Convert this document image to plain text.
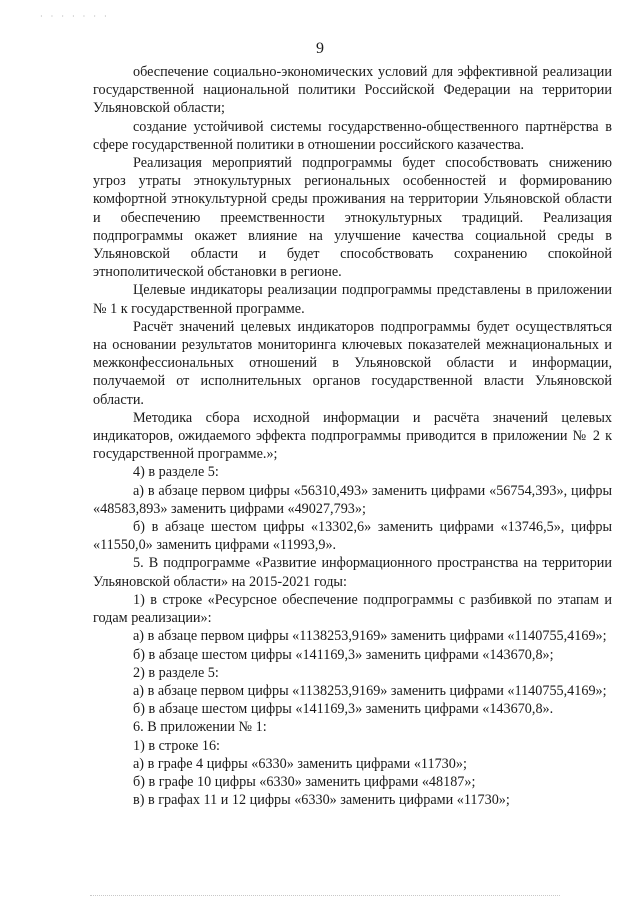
· · · · · · ·
9

обеспечение социально-экономических условий для эффективной реализации государственной национальной политики Российской Федерации на территории Ульяновской области;

создание устойчивой системы государственно-общественного партнёрства в сфере государственной политики в отношении российского казачества.

Реализация мероприятий подпрограммы будет способствовать снижению угроз утраты этнокультурных региональных особенностей и формированию комфортной этнокультурной среды проживания на территории Ульяновской области и обеспечению преемственности этнокультурных традиций. Реализация подпрограммы окажет влияние на улучшение качества социальной среды в Ульяновской области и будет способствовать сохранению спокойной этнополитической обстановки в регионе.

Целевые индикаторы реализации подпрограммы представлены в приложении № 1 к государственной программе.

Расчёт значений целевых индикаторов подпрограммы будет осуществляться на основании результатов мониторинга ключевых показателей межнациональных и межконфессиональных отношений в Ульяновской области и информации, получаемой от исполнительных органов государственной власти Ульяновской области.

Методика сбора исходной информации и расчёта значений целевых индикаторов, ожидаемого эффекта подпрограммы приводится в приложении № 2 к государственной программе.»;

4) в разделе 5:

а) в абзаце первом цифры «56310,493» заменить цифрами «56754,393», цифры «48583,893» заменить цифрами «49027,793»;

б) в абзаце шестом цифры «13302,6» заменить цифрами «13746,5», цифры «11550,0» заменить цифрами «11993,9».

5. В подпрограмме «Развитие информационного пространства на территории Ульяновской области» на 2015-2021 годы:

1) в строке «Ресурсное обеспечение подпрограммы с разбивкой по этапам и годам реализации»:

а) в абзаце первом цифры «1138253,9169» заменить цифрами «1140755,4169»;

б) в абзаце шестом цифры «141169,3» заменить цифрами «143670,8»;

2) в разделе 5:

а) в абзаце первом цифры «1138253,9169» заменить цифрами «1140755,4169»;

б) в абзаце шестом цифры «141169,3» заменить цифрами «143670,8».

6. В приложении № 1:

1) в строке 16:

а) в графе 4 цифры «6330» заменить цифрами «11730»;

б) в графе 10 цифры «6330» заменить цифрами «48187»;

в) в графах 11 и 12 цифры «6330» заменить цифрами «11730»;
